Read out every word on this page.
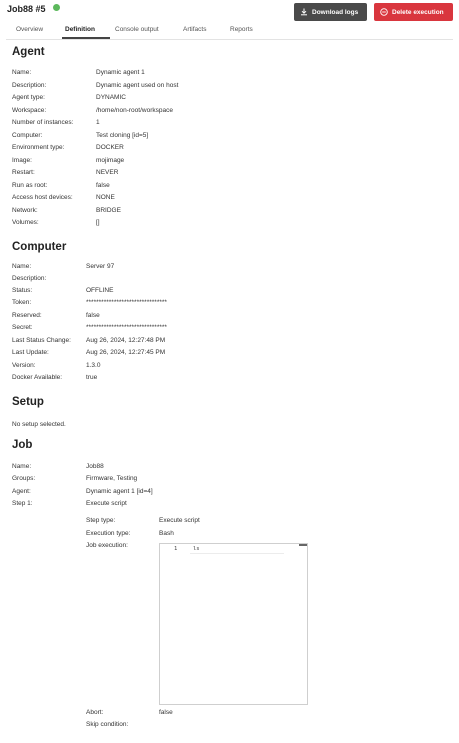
Job88 #5	Download logs	Delete execution
Overview	Definition	Console output	Artifacts	Reports
Agent
Name:	Dynamic agent 1
Description:	Dynamic agent used on host
Agent type:	DYNAMIC
Workspace:	/home/non-root/workspace
Number of instances:	1
Computer:	Test cloning [id=5]
Environment type:	DOCKER
Image:	mojimage
Restart:	NEVER
Run as root:	false
Access host devices:	NONE
Network:	BRIDGE
Volumes:	[]
Computer
Name:	Server 97
Description:
Status:	OFFLINE
Token:	********************************
Reserved:	false
Secret:	********************************
Last Status Change: Aug 26, 2024, 12:27:48 PM
Last Update:	Aug 26, 2024, 12:27:45 PM
Version:	1.3.0
Docker Available:	true
Setup
No setup selected.
Job
Name:	Job88
Groups:	Firmware, Testing
Agent:	Dynamic agent 1 [id=4]
Step 1:	Execute script
Step type:	Execute script
Execution type:	Bash
Job execution:	1	ls
Abort:	false
Skip condition:
